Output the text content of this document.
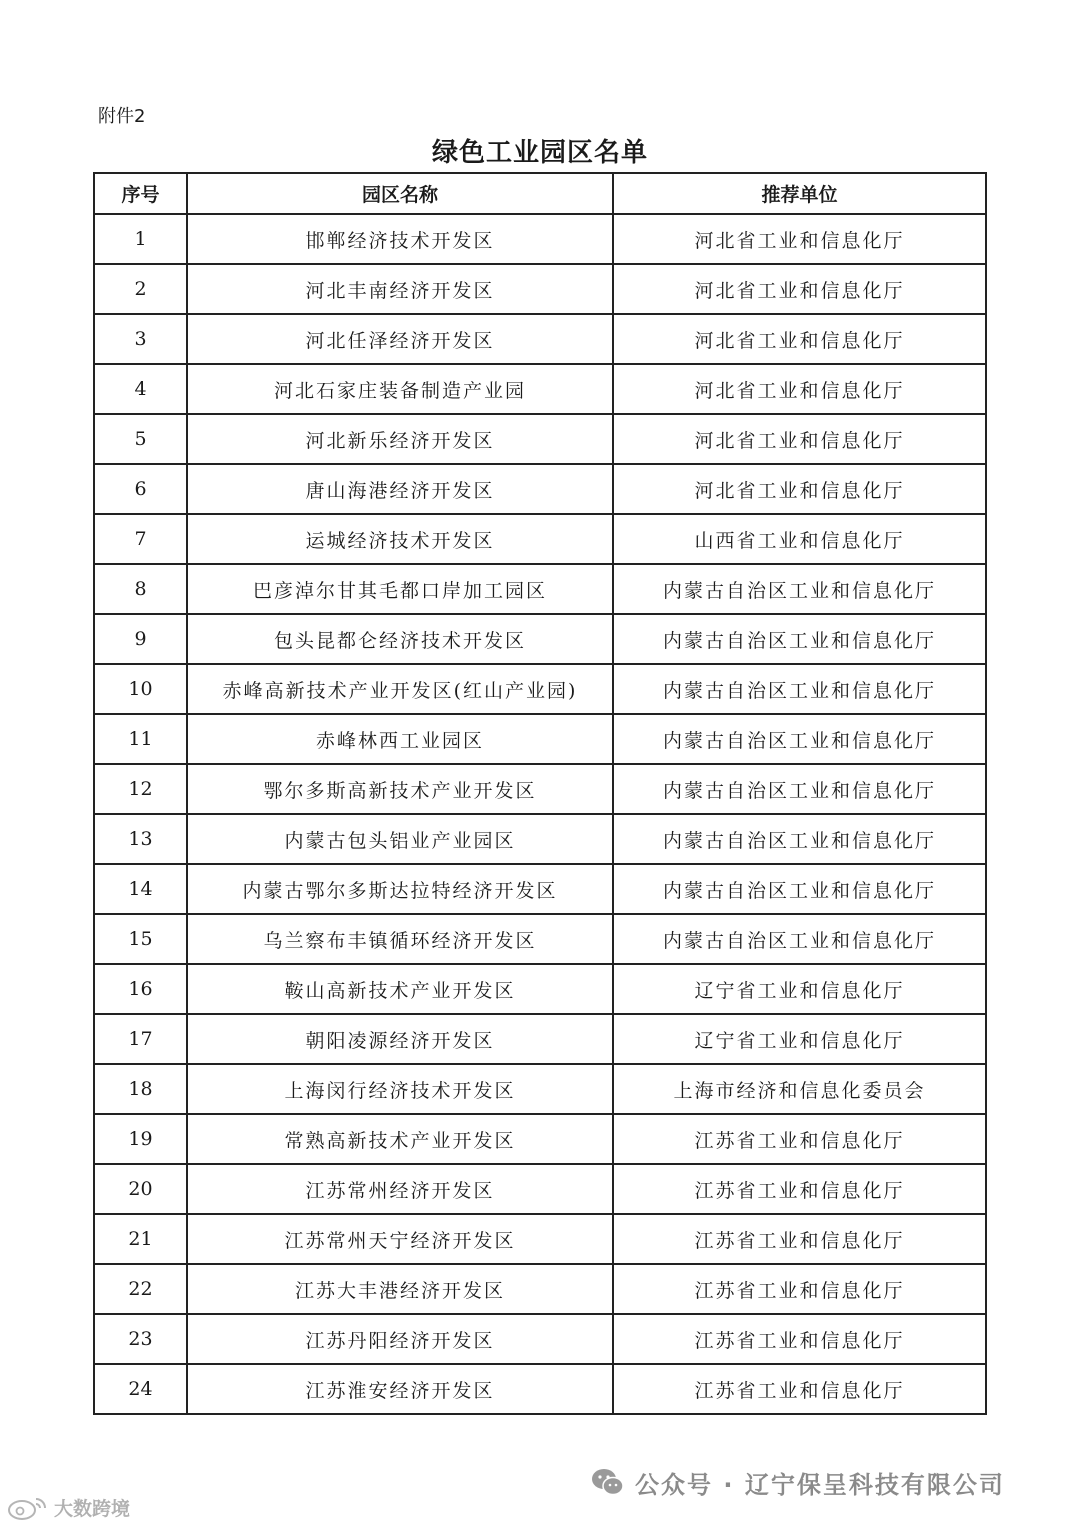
附件2
绿色工业园区名单
序号	园区名称	推荐单位
1	邯郸经济技术开发区	河北省工业和信息化厅
2	河北丰南经济开发区	河北省工业和信息化厅
3	河北任泽经济开发区	河北省工业和信息化厅
4	河北石家庄装备制造产业园	河北省工业和信息化厅
5	河北新乐经济开发区	河北省工业和信息化厅
6	唐山海港经济开发区	河北省工业和信息化厅
7	运城经济技术开发区	山西省工业和信息化厅
8	巴彦淖尔甘其毛都口岸加工园区	内蒙古自治区工业和信息化厅
9	包头昆都仑经济技术开发区	内蒙古自治区工业和信息化厅
10	赤峰高新技术产业开发区(红山产业园)	内蒙古自治区工业和信息化厅
11	赤峰林西工业园区	内蒙古自治区工业和信息化厅
12	鄂尔多斯高新技术产业开发区	内蒙古自治区工业和信息化厅
13	内蒙古包头铝业产业园区	内蒙古自治区工业和信息化厅
14	内蒙古鄂尔多斯达拉特经济开发区	内蒙古自治区工业和信息化厅
15	乌兰察布丰镇循环经济开发区	内蒙古自治区工业和信息化厅
16	鞍山高新技术产业开发区	辽宁省工业和信息化厅
17	朝阳凌源经济开发区	辽宁省工业和信息化厅
18	上海闵行经济技术开发区	上海市经济和信息化委员会
19	常熟高新技术产业开发区	江苏省工业和信息化厅
20	江苏常州经济开发区	江苏省工业和信息化厅
21	江苏常州天宁经济开发区	江苏省工业和信息化厅
22	江苏大丰港经济开发区	江苏省工业和信息化厅
23	江苏丹阳经济开发区	江苏省工业和信息化厅
24	江苏淮安经济开发区	江苏省工业和信息化厅
公众号 · 辽宁保呈科技有限公司
大数跨境
